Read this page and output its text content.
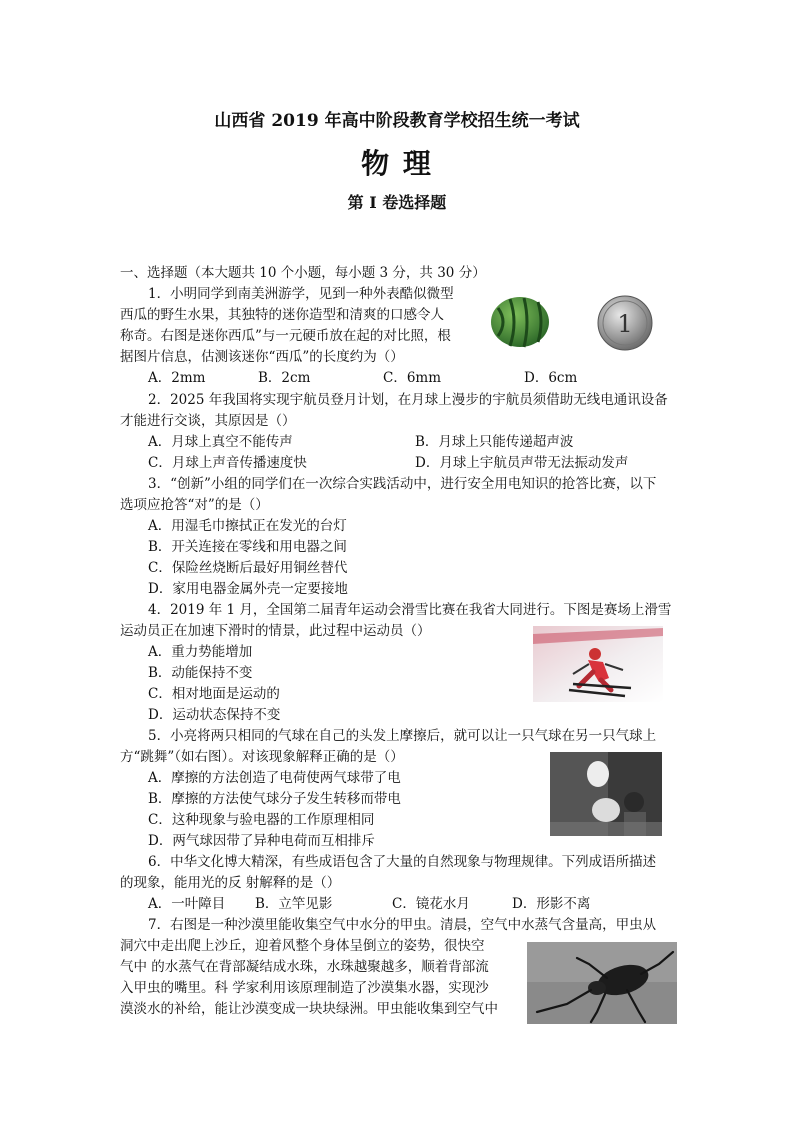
山西省 2019 年高中阶段教育学校招生统一考试
物 理
第 I 卷选择题
一、选择题（本大题共 10 个小题，每小题 3 分，共 30 分）
1．小明同学到南美洲游学，见到一种外表酷似微型
西瓜的野生水果，其独特的迷你造型和清爽的口感令人
称奇。右图是迷你西瓜”与一元硬币放在起的对比照，根
据图片信息，估测该迷你“西瓜”的长度约为（）
A．2mm	B．2cm	C．6mm	D．6cm
1
2．2025 年我国将实现宇航员登月计划，在月球上漫步的宇航员须借助无线电通讯设备
才能进行交谈，其原因是（）
A．月球上真空不能传声	B．月球上只能传递超声波
C．月球上声音传播速度快	D．月球上宇航员声带无法振动发声
3．“创新”小组的同学们在一次综合实践活动中，进行安全用电知识的抢答比赛，以下
选项应抢答“对”的是（）
A．用湿毛巾擦拭正在发光的台灯
B．开关连接在零线和用电器之间
C．保险丝烧断后最好用铜丝替代
D．家用电器金属外壳一定要接地
4．2019 年 1 月，全国第二届青年运动会滑雪比赛在我省大同进行。下图是赛场上滑雪
运动员正在加速下滑时的情景，此过程中运动员（）
A．重力势能增加
B．动能保持不变
C．相对地面是运动的
D．运动状态保持不变
5．小亮将两只相同的气球在自己的头发上摩擦后，就可以让一只气球在另一只气球上
方“跳舞”（如右图）。对该现象解释正确的是（）
A．摩擦的方法创造了电荷使两气球带了电
B．摩擦的方法使气球分子发生转移而带电
C．这种现象与验电器的工作原理相同
D．两气球因带了异种电荷而互相排斥
6．中华文化博大精深，有些成语包含了大量的自然现象与物理规律。下列成语所描述
的现象，能用光的反 射解释的是（）
A．一叶障目 B．立竿见影	C．镜花水月	D．形影不离
7．右图是一种沙漠里能收集空气中水分的甲虫。清晨，空气中水蒸气含量高，甲虫从
洞穴中走出爬上沙丘，迎着风整个身体呈倒立的姿势，很快空
气中 的水蒸气在背部凝结成水珠，水珠越聚越多，顺着背部流
入甲虫的嘴里。科 学家利用该原理制造了沙漠集水器，实现沙
漠淡水的补给，能让沙漠变成一块块绿洲。甲虫能收集到空气中
